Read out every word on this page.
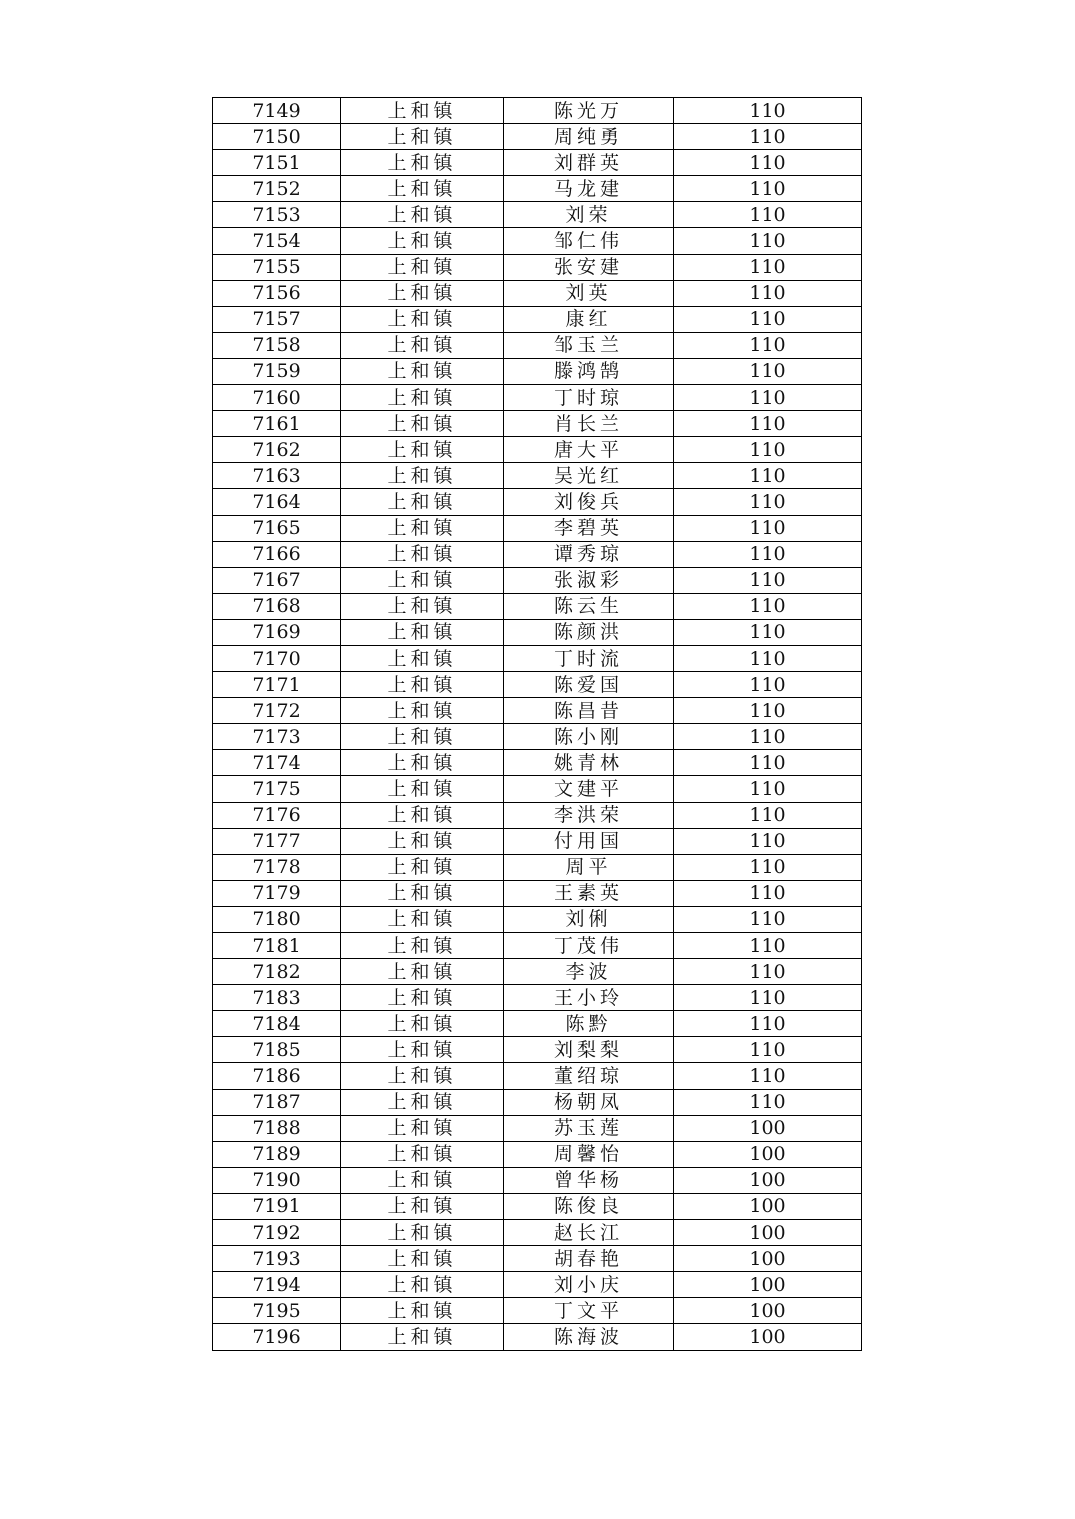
7149	上和镇	陈光万	110
7150	上和镇	周纯勇	110
7151	上和镇	刘群英	110
7152	上和镇	马龙建	110
7153	上和镇	刘荣	110
7154	上和镇	邹仁伟	110
7155	上和镇	张安建	110
7156	上和镇	刘英	110
7157	上和镇	康红	110
7158	上和镇	邹玉兰	110
7159	上和镇	滕鸿鹄	110
7160	上和镇	丁时琼	110
7161	上和镇	肖长兰	110
7162	上和镇	唐大平	110
7163	上和镇	吴光红	110
7164	上和镇	刘俊兵	110
7165	上和镇	李碧英	110
7166	上和镇	谭秀琼	110
7167	上和镇	张淑彩	110
7168	上和镇	陈云生	110
7169	上和镇	陈颜洪	110
7170	上和镇	丁时流	110
7171	上和镇	陈爱国	110
7172	上和镇	陈昌昔	110
7173	上和镇	陈小刚	110
7174	上和镇	姚青林	110
7175	上和镇	文建平	110
7176	上和镇	李洪荣	110
7177	上和镇	付用国	110
7178	上和镇	周平	110
7179	上和镇	王素英	110
7180	上和镇	刘俐	110
7181	上和镇	丁茂伟	110
7182	上和镇	李波	110
7183	上和镇	王小玲	110
7184	上和镇	陈黔	110
7185	上和镇	刘梨梨	110
7186	上和镇	董绍琼	110
7187	上和镇	杨朝凤	110
7188	上和镇	苏玉莲	100
7189	上和镇	周馨怡	100
7190	上和镇	曾华杨	100
7191	上和镇	陈俊良	100
7192	上和镇	赵长江	100
7193	上和镇	胡春艳	100
7194	上和镇	刘小庆	100
7195	上和镇	丁文平	100
7196	上和镇	陈海波	100
